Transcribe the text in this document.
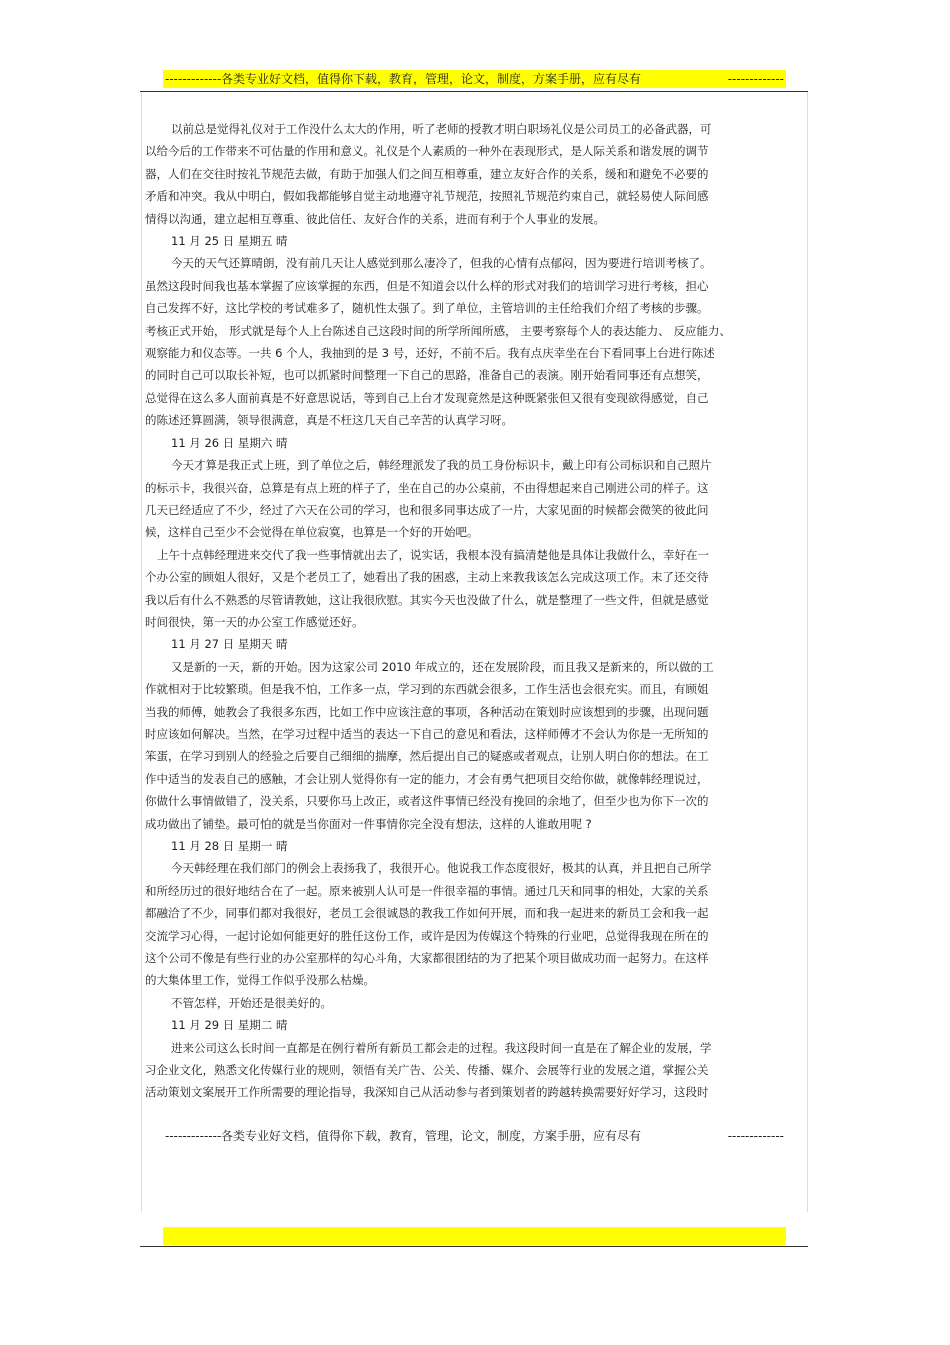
------------- 各类专业好文档，值得你下载，教育，管理，论文，制度，方案手册，应有尽有	-------------

以前总是觉得礼仪对于工作没什么太大的作用，听了老师的授教才明白职场礼仪是公司员工的必备武器，可

以给今后的工作带来不可估量的作用和意义。礼仪是个人素质的一种外在表现形式，是人际关系和谐发展的调节

器，人们在交往时按礼节规范去做，有助于加强人们之间互相尊重，建立友好合作的关系，缓和和避免不必要的

矛盾和冲突。我从中明白，假如我都能够自觉主动地遵守礼节规范，按照礼节规范约束自己，就轻易使人际间感

情得以沟通，建立起相互尊重、彼此信任、友好合作的关系，进而有利于个人事业的发展。

11 月 25 日 星期五 晴

今天的天气还算晴朗，没有前几天让人感觉到那么凄冷了，但我的心情有点郁闷，因为要进行培训考核了。

虽然这段时间我也基本掌握了应该掌握的东西，但是不知道会以什么样的形式对我们的培训学习进行考核，担心

自己发挥不好，这比学校的考试难多了，随机性太强了。到了单位，主管培训的主任给我们介绍了考核的步骤。

考核正式开始， 形式就是每个人上台陈述自己这段时间的所学所闻所感， 主要考察每个人的表达能力、 反应能力、

观察能力和仪态等。一共 6 个人，我抽到的是 3 号，还好，不前不后。我有点庆幸坐在台下看同事上台进行陈述

的同时自己可以取长补短，也可以抓紧时间整理一下自己的思路，准备自己的表演。刚开始看同事还有点想笑，

总觉得在这么多人面前真是不好意思说话，等到自己上台才发现竟然是这种既紧张但又很有变现欲得感觉，自己

的陈述还算圆满，领导很满意，真是不枉这几天自己辛苦的认真学习呀。

11 月 26 日 星期六 晴

今天才算是我正式上班，到了单位之后，韩经理派发了我的员工身份标识卡，戴上印有公司标识和自己照片

的标示卡，我很兴奋，总算是有点上班的样子了，坐在自己的办公桌前，不由得想起来自己刚进公司的样子。这

几天已经适应了不少，经过了六天在公司的学习，也和很多同事达成了一片，大家见面的时候都会微笑的彼此问

候，这样自己至少不会觉得在单位寂寞，也算是一个好的开始吧。

上午十点韩经理进来交代了我一些事情就出去了，说实话，我根本没有搞清楚他是具体让我做什么，幸好在一

个办公室的顾姐人很好，又是个老员工了，她看出了我的困惑，主动上来教我该怎么完成这项工作。末了还交待

我以后有什么不熟悉的尽管请教她，这让我很欣慰。其实今天也没做了什么，就是整理了一些文件，但就是感觉

时间很快，第一天的办公室工作感觉还好。

11 月 27 日 星期天 晴

又是新的一天，新的开始。因为这家公司 2010 年成立的，还在发展阶段，而且我又是新来的，所以做的工

作就相对于比较繁琐。但是我不怕，工作多一点，学习到的东西就会很多，工作生活也会很充实。而且，有顾姐

当我的师傅，她教会了我很多东西，比如工作中应该注意的事项，各种活动在策划时应该想到的步骤，出现问题

时应该如何解决。当然，在学习过程中适当的表达一下自己的意见和看法，这样师傅才不会认为你是一无所知的

笨蛋，在学习到别人的经验之后要自己细细的揣摩，然后提出自己的疑惑或者观点，让别人明白你的想法。在工

作中适当的发表自己的感触，才会让别人觉得你有一定的能力，才会有勇气把项目交给你做，就像韩经理说过，

你做什么事情做错了，没关系，只要你马上改正，或者这件事情已经没有挽回的余地了，但至少也为你下一次的

成功做出了铺垫。最可怕的就是当你面对一件事情你完全没有想法，这样的人谁敢用呢 ?

11 月 28 日 星期一 晴

今天韩经理在我们部门的例会上表扬我了，我很开心。他说我工作态度很好，极其的认真，并且把自己所学

和所经历过的很好地结合在了一起。原来被别人认可是一件很幸福的事情。通过几天和同事的相处，大家的关系

都融洽了不少，同事们都对我很好，老员工会很诚恳的教我工作如何开展，而和我一起进来的新员工会和我一起

交流学习心得，一起讨论如何能更好的胜任这份工作，或许是因为传媒这个特殊的行业吧，总觉得我现在所在的

这个公司不像是有些行业的办公室那样的勾心斗角，大家都很团结的为了把某个项目做成功而一起努力。在这样

的大集体里工作，觉得工作似乎没那么枯燥。

不管怎样，开始还是很美好的。

11 月 29 日 星期二 晴

进来公司这么长时间一直都是在例行着所有新员工都会走的过程。我这段时间一直是在了解企业的发展，学

习企业文化，熟悉文化传媒行业的规则，领悟有关广告、公关、传播、媒介、会展等行业的发展之道，掌握公关

活动策划文案展开工作所需要的理论指导，我深知自己从活动参与者到策划者的跨越转换需要好好学习，这段时

------------- 各类专业好文档，值得你下载，教育，管理，论文，制度，方案手册，应有尽有	-------------
